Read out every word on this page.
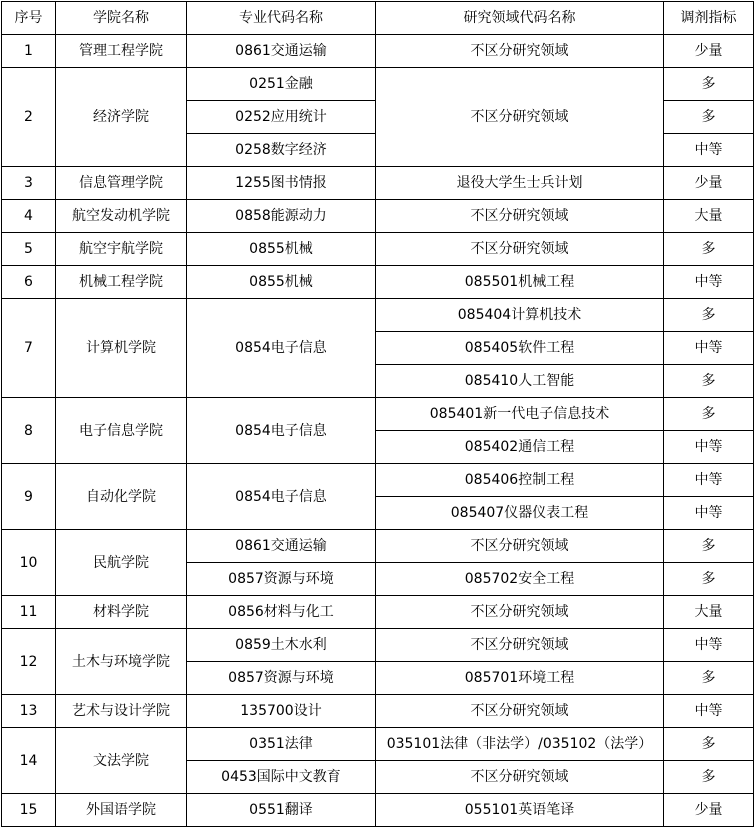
序号	学院名称	专业代码名称	研究领域代码名称	调剂指标
1	管理工程学院	0861交通运输	不区分研究领域	少量
2	经济学院	0251金融	不区分研究领域	多
		0252应用统计		多
		0258数字经济		中等
3	信息管理学院	1255图书情报	退役大学生士兵计划	少量
4	航空发动机学院	0858能源动力	不区分研究领域	大量
5	航空宇航学院	0855机械	不区分研究领域	多
6	机械工程学院	0855机械	085501机械工程	中等
7	计算机学院	0854电子信息	085404计算机技术	多
			085405软件工程	中等
			085410人工智能	多
8	电子信息学院	0854电子信息	085401新一代电子信息技术	多
			085402通信工程	中等
9	自动化学院	0854电子信息	085406控制工程	中等
			085407仪器仪表工程	中等
10	民航学院	0861交通运输	不区分研究领域	多
		0857资源与环境	085702安全工程	多
11	材料学院	0856材料与化工	不区分研究领域	大量
12	土木与环境学院	0859土木水利	不区分研究领域	中等
		0857资源与环境	085701环境工程	多
13	艺术与设计学院	135700设计	不区分研究领域	中等
14	文法学院	0351法律	035101法律（非法学）/035102（法学）	多
		0453国际中文教育	不区分研究领域	多
15	外国语学院	0551翻译	055101英语笔译	少量
